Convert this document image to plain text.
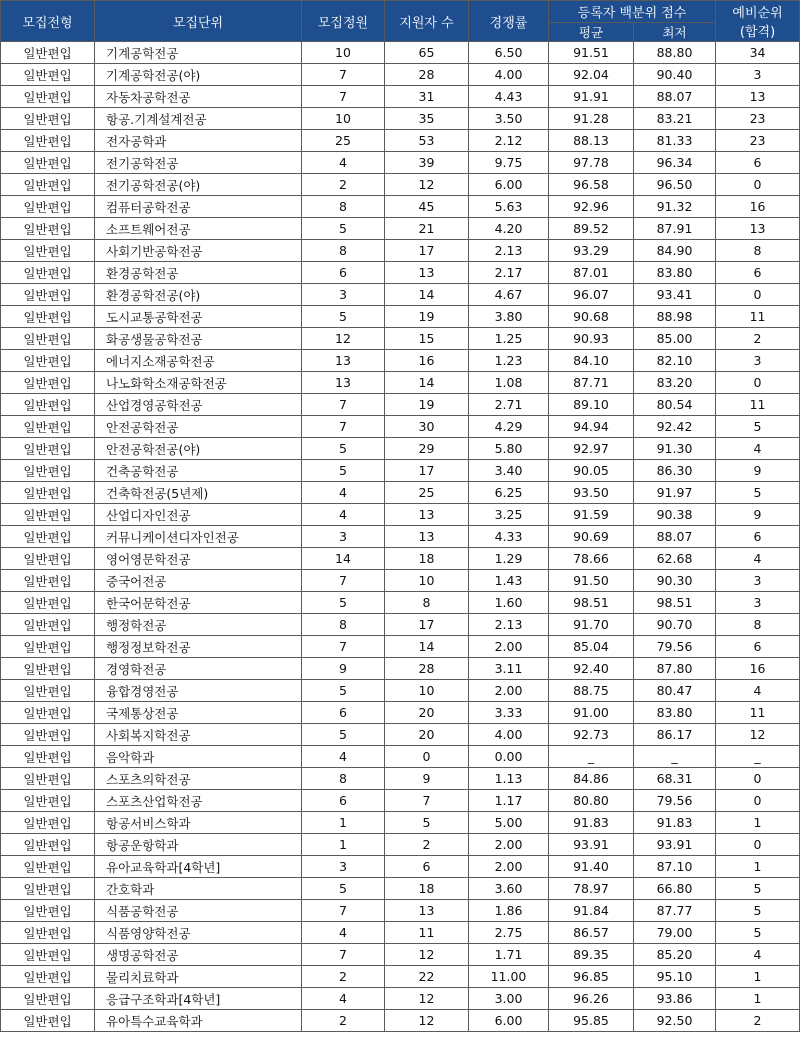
모집전형	모집단위	모집정원	지원자 수	경쟁률	등록자 백분위 점수		예비순위
(합격)

					평균	최저	
일반편입	기계공학전공	10	65	6.50	91.51	88.80	34
일반편입	기계공학전공(야)	7	28	4.00	92.04	90.40	3
일반편입	자동차공학전공	7	31	4.43	91.91	88.07	13
일반편입	항공.기계설계전공	10	35	3.50	91.28	83.21	23
일반편입	전자공학과	25	53	2.12	88.13	81.33	23
일반편입	전기공학전공	4	39	9.75	97.78	96.34	6
일반편입	전기공학전공(야)	2	12	6.00	96.58	96.50	0
일반편입	컴퓨터공학전공	8	45	5.63	92.96	91.32	16
일반편입	소프트웨어전공	5	21	4.20	89.52	87.91	13
일반편입	사회기반공학전공	8	17	2.13	93.29	84.90	8
일반편입	환경공학전공	6	13	2.17	87.01	83.80	6
일반편입	환경공학전공(야)	3	14	4.67	96.07	93.41	0
일반편입	도시교통공학전공	5	19	3.80	90.68	88.98	11
일반편입	화공생물공학전공	12	15	1.25	90.93	85.00	2
일반편입	에너지소재공학전공	13	16	1.23	84.10	82.10	3
일반편입	나노화학소재공학전공	13	14	1.08	87.71	83.20	0
일반편입	산업경영공학전공	7	19	2.71	89.10	80.54	11
일반편입	안전공학전공	7	30	4.29	94.94	92.42	5
일반편입	안전공학전공(야)	5	29	5.80	92.97	91.30	4
일반편입	건축공학전공	5	17	3.40	90.05	86.30	9
일반편입	건축학전공(5년제)	4	25	6.25	93.50	91.97	5
일반편입	산업디자인전공	4	13	3.25	91.59	90.38	9
일반편입	커뮤니케이션디자인전공	3	13	4.33	90.69	88.07	6
일반편입	영어영문학전공	14	18	1.29	78.66	62.68	4
일반편입	중국어전공	7	10	1.43	91.50	90.30	3
일반편입	한국어문학전공	5	8	1.60	98.51	98.51	3
일반편입	행정학전공	8	17	2.13	91.70	90.70	8
일반편입	행정정보학전공	7	14	2.00	85.04	79.56	6
일반편입	경영학전공	9	28	3.11	92.40	87.80	16
일반편입	융합경영전공	5	10	2.00	88.75	80.47	4
일반편입	국제통상전공	6	20	3.33	91.00	83.80	11
일반편입	사회복지학전공	5	20	4.00	92.73	86.17	12
일반편입	음악학과	4	0	0.00	_	_	_
일반편입	스포츠의학전공	8	9	1.13	84.86	68.31	0
일반편입	스포츠산업학전공	6	7	1.17	80.80	79.56	0
일반편입	항공서비스학과	1	5	5.00	91.83	91.83	1
일반편입	항공운항학과	1	2	2.00	93.91	93.91	0
일반편입	유아교육학과[4학년]	3	6	2.00	91.40	87.10	1
일반편입	간호학과	5	18	3.60	78.97	66.80	5
일반편입	식품공학전공	7	13	1.86	91.84	87.77	5
일반편입	식품영양학전공	4	11	2.75	86.57	79.00	5
일반편입	생명공학전공	7	12	1.71	89.35	85.20	4
일반편입	물리치료학과	2	22	11.00	96.85	95.10	1
일반편입	응급구조학과[4학년]	4	12	3.00	96.26	93.86	1
일반편입	유아특수교육학과	2	12	6.00	95.85	92.50	2
